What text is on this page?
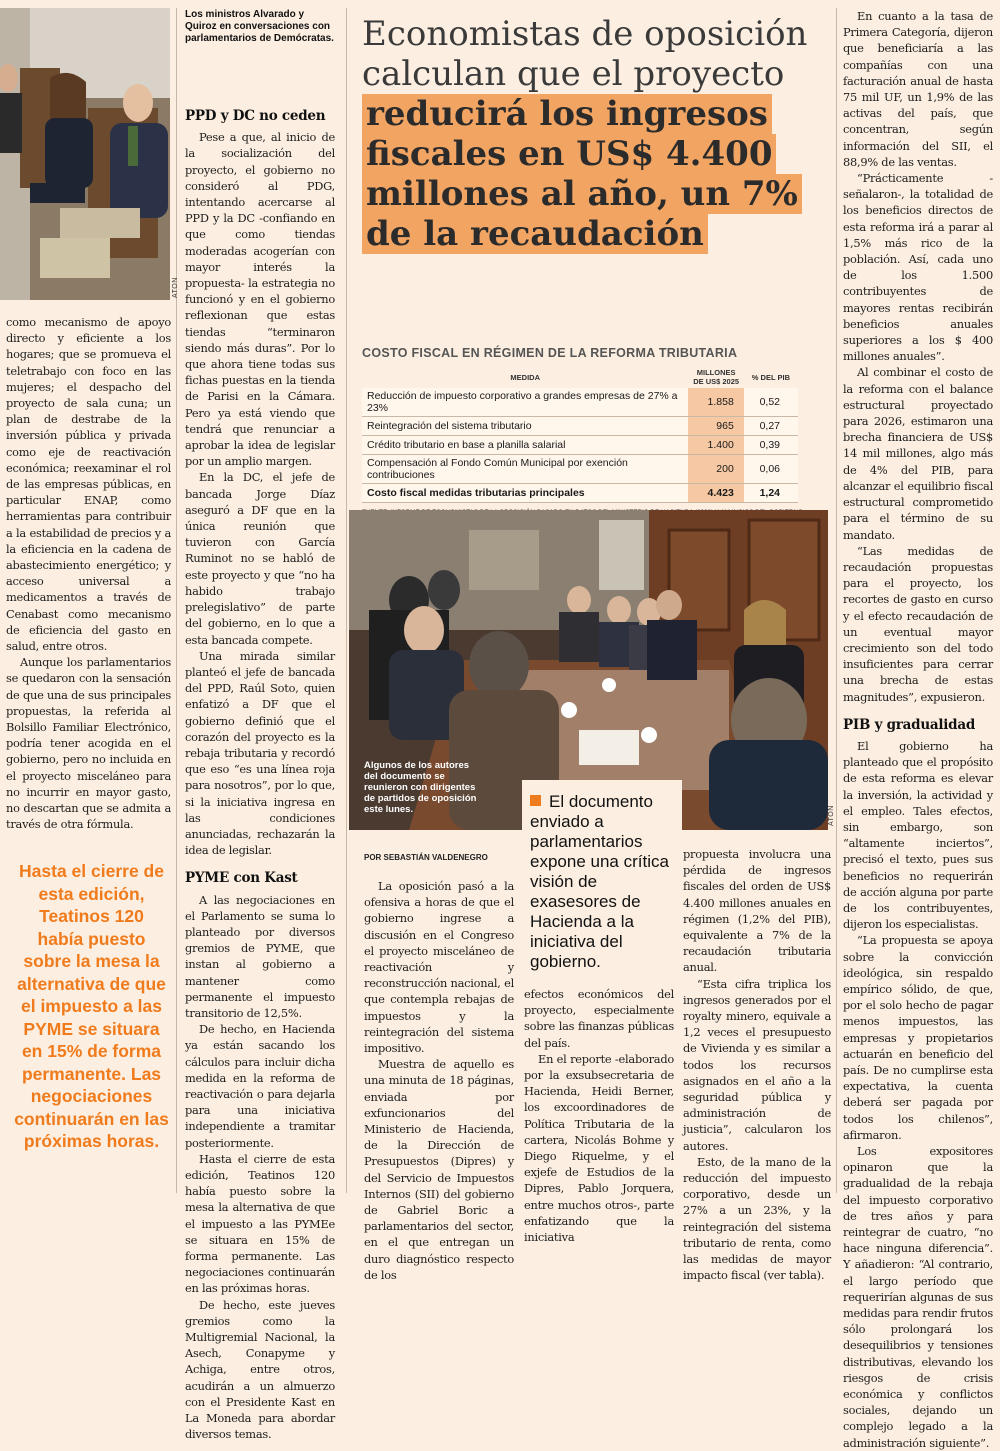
ATON
Los ministros Alvarado y Quiroz en conversaciones con parlamentarios de Demócratas.

como mecanismo de apoyo directo y eficiente a los hogares; que se promueva el teletrabajo con foco en las mujeres; el despacho del proyecto de sala cuna; un plan de destrabe de la inversión pública y privada como eje de reactivación económica; reexaminar el rol de las empresas públicas, en particular ENAP, como herramientas para contribuir a la estabilidad de precios y a la eficiencia en la cadena de abastecimiento energético; y acceso universal a medicamentos a través de Cenabast como mecanismo de eficiencia del gasto en salud, entre otros.

Aunque los parlamentarios se quedaron con la sensación de que una de sus principales propuestas, la referida al Bolsillo Familiar Electrónico, podría tener acogida en el gobierno, pero no incluida en el proyecto misceláneo para no incurrir en mayor gasto, no descartan que se admita a través de otra fórmula.

Hasta el cierre de esta edición, Teatinos 120 había puesto sobre la mesa la alternativa de que el impuesto a las PYME se situara en 15% de forma permanente. Las negociaciones continuarán en las próximas horas.
PPD y DC no ceden

Pese a que, al inicio de la socialización del proyecto, el gobierno no consideró al PDG, intentando acercarse al PPD y la DC -confiando en que como tiendas moderadas acogerían con mayor interés la propuesta- la estrategia no funcionó y en el gobierno reflexionan que estas tiendas “terminaron siendo más duras”. Por lo que ahora tiene todas sus fichas puestas en la tienda de Parisi en la Cámara. Pero ya está viendo que tendrá que renunciar a aprobar la idea de legislar por un amplio margen.

En la DC, el jefe de bancada Jorge Díaz aseguró a DF que en la única reunión que tuvieron con García Ruminot no se habló de este proyecto y que “no ha habido trabajo prelegislativo” de parte del gobierno, en lo que a esta bancada compete.

Una mirada similar planteó el jefe de bancada del PPD, Raúl Soto, quien enfatizó a DF que el gobierno definió que el corazón del proyecto es la rebaja tributaria y recordó que eso “es una línea roja para nosotros”, por lo que, si la iniciativa ingresa en las condiciones anunciadas, rechazarán la idea de legislar.

PYME con Kast

A las negociaciones en el Parlamento se suma lo planteado por diversos gremios de PYME, que instan al gobierno a mantener como permanente el impuesto transitorio de 12,5%.

De hecho, en Hacienda ya están sacando los cálculos para incluir dicha medida en la reforma de reactivación o para dejarla para una iniciativa independiente a tramitar posteriormente.

Hasta el cierre de esta edición, Teatinos 120 había puesto sobre la mesa la alternativa de que el impuesto a las PYMEe se situara en 15% de forma permanente. Las negociaciones continuarán en las próximas horas.

De hecho, este jueves gremios como la Multigremial Nacional, la Asech, Conapyme y Achiga, entre otros, acudirán a un almuerzo con el Presidente Kast en La Moneda para abordar diversos temas.

Economistas de oposición calculan que el proyecto reducirá los ingresos fiscales en US$ 4.400 millones al año, un 7% de la recaudación
COSTO FISCAL EN RÉGIMEN DE LA REFORMA TRIBUTARIA
MEDIDA	MILLONES DE US$ 2025	% DEL PIB
Reducción de impuesto corporativo a grandes empresas de 27% a 23%	1.858	0,52
Reintegración del sistema tributario	965	0,27
Crédito tributario en base a planilla salarial	1.400	0,39
Compensación al Fondo Común Municipal por exención contribuciones	200	0,06
Costo fiscal medidas tributarias principales	4.423	1,24
Algunos de los autores del documento se reunieron con dirigentes de partidos de oposición este lunes.	ATON
El documento enviado a parlamentarios expone una crítica visión de exasesores de Hacienda a la iniciativa del gobierno.
POR SEBASTIÁN VALDENEGRO

La oposición pasó a la ofensiva a horas de que el gobierno ingrese a discusión en el Congreso el proyecto misceláneo de reactivación y reconstrucción nacional, el que contempla rebajas de impuestos y la reintegración del sistema impositivo.

Muestra de aquello es una minuta de 18 páginas, enviada por exfuncionarios del Ministerio de Hacienda, de la Dirección de Presupuestos (Dipres) y del Servicio de Impuestos Internos (SII) del gobierno de Gabriel Boric a parlamentarios del sector, en el que entregan un duro diagnóstico respecto de los

efectos económicos del proyecto, especialmente sobre las finanzas públicas del país.

En el reporte -elaborado por la exsubsecretaria de Hacienda, Heidi Berner, los excoordinadores de Política Tributaria de la cartera, Nicolás Bohme y Diego Riquelme, y el exjefe de Estudios de la Dipres, Pablo Jorquera, entre muchos otros-, parte enfatizando que la iniciativa

propuesta involucra una pérdida de ingresos fiscales del orden de US$ 4.400 millones anuales en régimen (1,2% del PIB), equivalente a 7% de la recaudación tributaria anual.

“Esta cifra triplica los ingresos generados por el royalty minero, equivale a 1,2 veces el presupuesto de Vivienda y es similar a todos los recursos asignados en el año a la seguridad pública y administración de justicia”, calcularon los autores.

Esto, de la mano de la reducción del impuesto corporativo, desde un 27% a un 23%, y la reintegración del sistema tributario de renta, como las medidas de mayor impacto fiscal (ver tabla).

En cuanto a la tasa de Primera Categoría, dijeron que beneficiaría a las compañías con una facturación anual de hasta 75 mil UF, un 1,9% de las activas del país, que concentran, según información del SII, el 88,9% de las ventas.

“Prácticamente -señalaron-, la totalidad de los beneficios directos de esta reforma irá a parar al 1,5% más rico de la población. Así, cada uno de los 1.500 contribuyentes de mayores rentas recibirán beneficios anuales superiores a los $ 400 millones anuales”.

Al combinar el costo de la reforma con el balance estructural proyectado para 2026, estimaron una brecha financiera de US$ 14 mil millones, algo más de 4% del PIB, para alcanzar el equilibrio fiscal estructural comprometido para el término de su mandato.

“Las medidas de recaudación propuestas para el proyecto, los recortes de gasto en curso y el efecto recaudación de un eventual mayor crecimiento son del todo insuficientes para cerrar una brecha de estas magnitudes”, expusieron.

PIB y gradualidad

El gobierno ha planteado que el propósito de esta reforma es elevar la inversión, la actividad y el empleo. Tales efectos, sin embargo, son “altamente inciertos”, precisó el texto, pues sus beneficios no requerirán de acción alguna por parte de los contribuyentes, dijeron los especialistas.

“La propuesta se apoya sobre la convicción ideológica, sin respaldo empírico sólido, de que, por el solo hecho de pagar menos impuestos, las empresas y propietarios actuarán en beneficio del país. De no cumplirse esta expectativa, la cuenta deberá ser pagada por todos los chilenos”, afirmaron.

Los expositores opinaron que la gradualidad de la rebaja del impuesto corporativo de tres años y para reintegrar de cuatro, “no hace ninguna diferencia”. Y añadieron: “Al contrario, el largo período que requerirían algunas de sus medidas para rendir frutos sólo prolongará los desequilibrios y tensiones distributivas, elevando los riesgos de crisis económica y conflictos sociales, dejando un complejo legado a la administración siguiente”.
